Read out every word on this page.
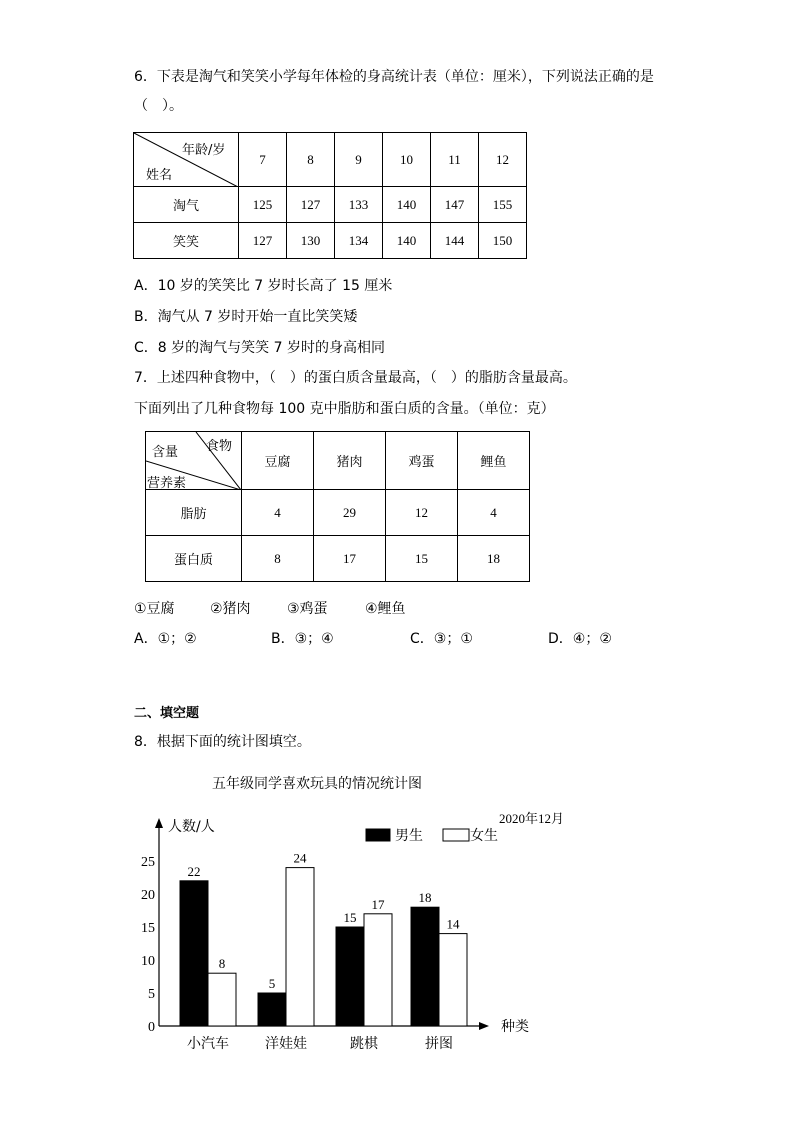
6．下表是淘气和笑笑小学每年体检的身高统计表（单位：厘米），下列说法正确的是
（　）。
年龄/岁
姓名	7	8	9	10	11	12
淘气	125	127	133	140	147	155
笑笑	127	130	134	140	144	150
A．10 岁的笑笑比 7 岁时长高了 15 厘米
B．淘气从 7 岁时开始一直比笑笑矮
C．8 岁的淘气与笑笑 7 岁时的身高相同
7．上述四种食物中，（　）的蛋白质含量最高，（　）的脂肪含量最高。
下面列出了几种食物每 100 克中脂肪和蛋白质的含量。（单位：克）
食物
含量
营养素	豆腐	猪肉	鸡蛋	鲤鱼
脂肪	4	29	12	4
蛋白质	8	17	15	18
①豆腐	②猪肉	③鸡蛋	④鲤鱼
A．①；②	B．③；④	C．③；①	D．④；②
二、填空题
8．根据下面的统计图填空。
五年级同学喜欢玩具的情况统计图
2020年12月
人数/人
种类
男生	女生
0
5
10
15
20
25
22
8
小汽车
5
24
洋娃娃
15
17
跳棋
18
14
拼图
